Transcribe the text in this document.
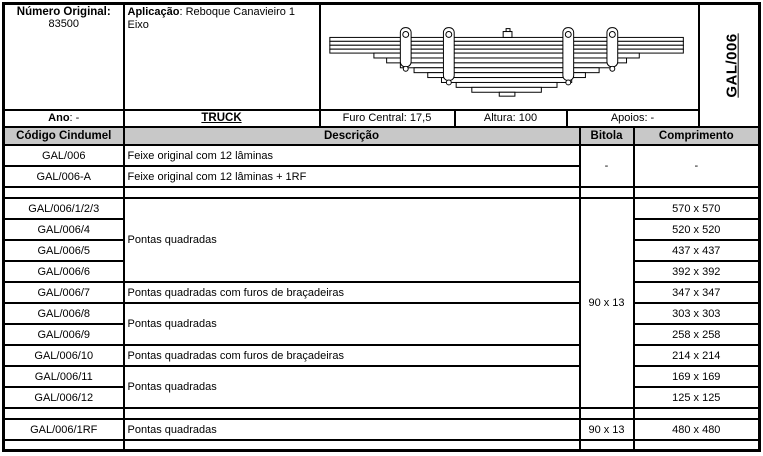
Número Original:
83500	Aplicação: Reboque Canavieiro 1 Eixo						GAL/006
Ano: -	TRUCK	Furo Central: 17,5	Altura: 100	Apoios: -			
Código Cindumel	Descrição				Bitola	Comprimento	
GAL/006	Feixe original com 12 lâminas				-	-	
GAL/006-A	Feixe original com 12 lâminas + 1RF						

GAL/006/1/2/3	Pontas quadradas				90 x 13	570 x 570	
GAL/006/4						520 x 520	
GAL/006/5						437 x 437	
GAL/006/6						392 x 392	
GAL/006/7	Pontas quadradas com furos de braçadeiras					347 x 347	
GAL/006/8	Pontas quadradas					303 x 303	
GAL/006/9						258 x 258	
GAL/006/10	Pontas quadradas com furos de braçadeiras					214 x 214	
GAL/006/11	Pontas quadradas					169 x 169	
GAL/006/12						125 x 125	

GAL/006/1RF	Pontas quadradas				90 x 13	480 x 480	
